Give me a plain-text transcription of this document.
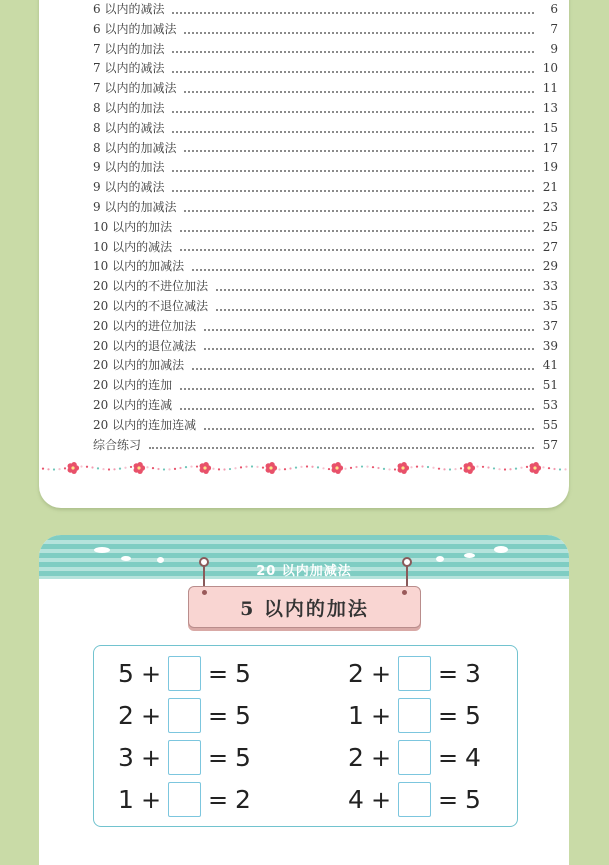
6 以内的减法	6
6 以内的加减法	7
7 以内的加法	9
7 以内的减法	10
7 以内的加减法	11
8 以内的加法	13
8 以内的减法	15
8 以内的加减法	17
9 以内的加法	19
9 以内的减法	21
9 以内的加减法	23
10 以内的加法	25
10 以内的减法	27
10 以内的加减法	29
20 以内的不进位加法	33
20 以内的不退位减法	35
20 以内的进位加法	37
20 以内的退位减法	39
20 以内的加减法	41
20 以内的连加	51
20 以内的连减	53
20 以内的连加连减	55
综合练习	57
20 以内加减法
5 以内的加法
5 + = 5	2 + = 3
2 + = 5	1 + = 5
3 + = 5	2 + = 4
1 + = 2	4 + = 5
